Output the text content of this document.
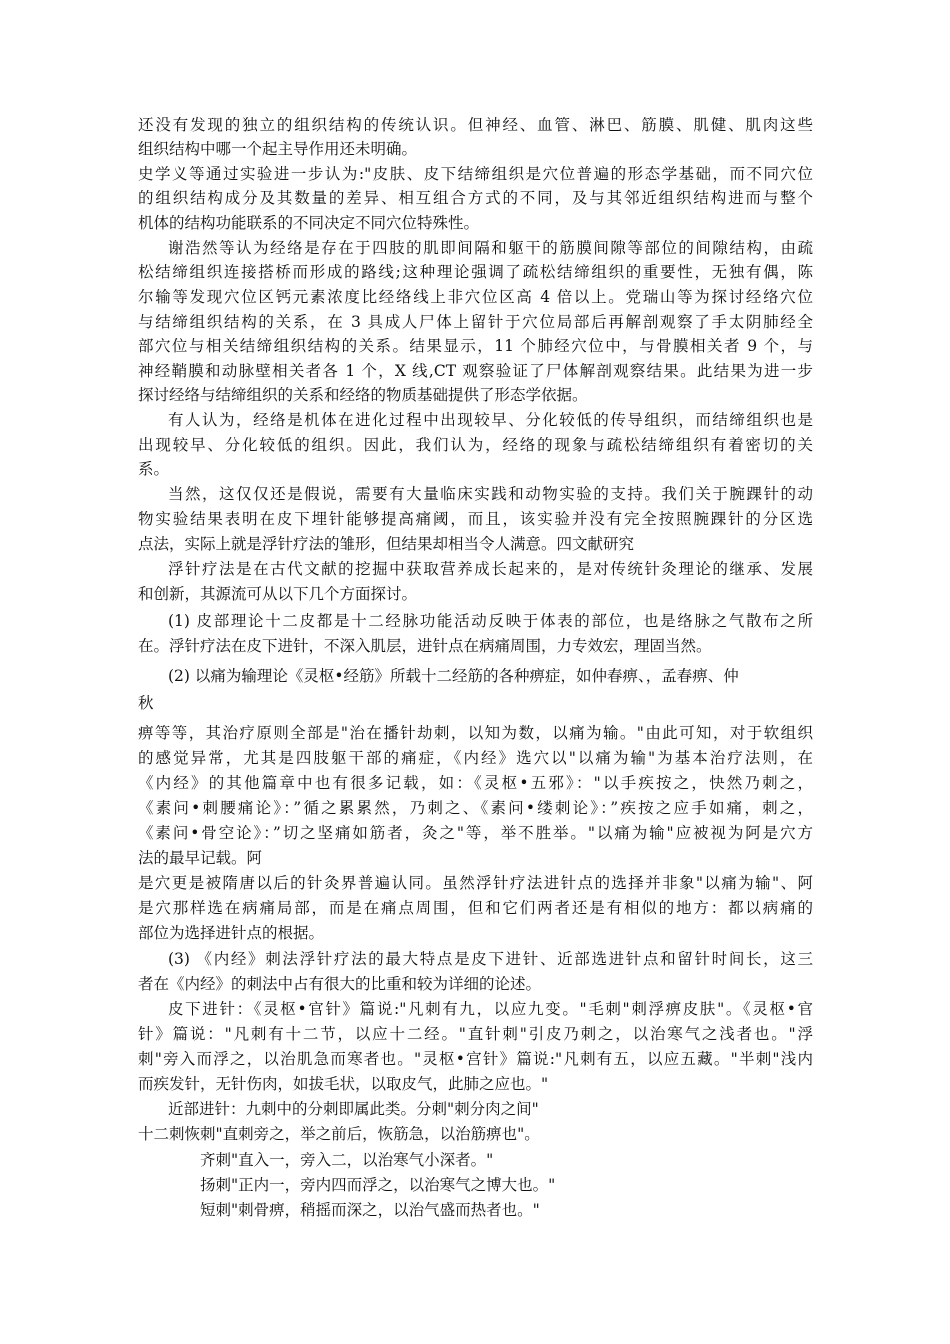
还没有发现的独立的组织结构的传统认识。但神经、血管、淋巴、筋膜、肌健、肌肉这些
组织结构中哪一个起主导作用还未明确。
史学义等通过实验进一步认为:"皮肤、皮下结缔组织是穴位普遍的形态学基础，而不同穴位
的组织结构成分及其数量的差异、相互组合方式的不同，及与其邻近组织结构进而与整个
机体的结构功能联系的不同决定不同穴位特殊性。
谢浩然等认为经络是存在于四肢的肌即间隔和躯干的筋膜间隙等部位的间隙结构，由疏
松结缔组织连接搭桥而形成的路线;这种理论强调了疏松结缔组织的重要性，无独有偶，陈
尔输等发现穴位区钙元素浓度比经络线上非穴位区高 4 倍以上。党瑞山等为探讨经络穴位
与结缔组织结构的关系，在 3 具成人尸体上留针于穴位局部后再解剖观察了手太阴肺经全
部穴位与相关结缔组织结构的关系。结果显示，11 个肺经穴位中，与骨膜相关者 9 个，与
神经鞘膜和动脉壁相关者各 1 个，X 线,CT 观察验证了尸体解剖观察结果。此结果为进一步
探讨经络与结缔组织的关系和经络的物质基础提供了形态学依据。
有人认为，经络是机体在进化过程中出现较早、分化较低的传导组织，而结缔组织也是
出现较早、分化较低的组织。因此，我们认为，经络的现象与疏松结缔组织有着密切的关
系。
当然，这仅仅还是假说，需要有大量临床实践和动物实验的支持。我们关于腕踝针的动
物实验结果表明在皮下埋针能够提高痛阈，而且，该实验并没有完全按照腕踝针的分区选
点法，实际上就是浮针疗法的雏形，但结果却相当令人满意。四文献研究
浮针疗法是在古代文献的挖掘中获取营养成长起来的，是对传统针灸理论的继承、发展
和创新，其源流可从以下几个方面探讨。
(1) 皮部理论十二皮都是十二经脉功能活动反映于体表的部位，也是络脉之气散布之所
在。浮针疗法在皮下进针，不深入肌层，进针点在病痛周围，力专效宏，理固当然。
(2) 以痛为输理论《灵枢•经筋》所载十二经筋的各种痹症，如仲春痹、，孟春痹、仲
秋
痹等等，其治疗原则全部是"治在播针劫刺，以知为数，以痛为输。"由此可知，对于软组织
的感觉异常，尤其是四肢躯干部的痛症，《内经》选穴以"以痛为输"为基本治疗法则，在
《内经》的其他篇章中也有很多记载，如：《灵枢•五邪》："以手疾按之，快然乃刺之，
《素问•刺腰痛论》：”循之累累然，乃刺之、《素问•缕刺论》：”疾按之应手如痛，刺之，
《素问•骨空论》：”切之坚痛如筋者，灸之"等，举不胜举。"以痛为输"应被视为阿是穴方
法的最早记载。阿
是穴更是被隋唐以后的针灸界普遍认同。虽然浮针疗法进针点的选择并非象"以痛为输"、阿
是穴那样选在病痛局部，而是在痛点周围，但和它们两者还是有相似的地方：都以病痛的
部位为选择进针点的根据。
(3) 《内经》刺法浮针疗法的最大特点是皮下进针、近部选进针点和留针时间长，这三
者在《内经》的刺法中占有很大的比重和较为详细的论述。
皮下进针：《灵枢•官针》篇说:"凡刺有九，以应九变。"毛刺"刺浮痹皮肤"。《灵枢•官
针》篇说："凡刺有十二节，以应十二经。"直针刺"引皮乃刺之，以治寒气之浅者也。"浮
刺"旁入而浮之，以治肌急而寒者也。"灵枢•宫针》篇说:"凡刺有五，以应五藏。"半刺"浅内
而疾发针，无针伤肉，如拔毛状，以取皮气，此肺之应也。"
近部进针：九刺中的分刺即属此类。分刺"刺分肉之间"
十二刺恢刺"直刺旁之，举之前后，恢筋急，以治筋痹也"。
齐刺"直入一，旁入二，以治寒气小深者。"
扬刺"正内一，旁内四而浮之，以治寒气之博大也。"
短刺"刺骨痹，稍摇而深之，以治气盛而热者也。"
